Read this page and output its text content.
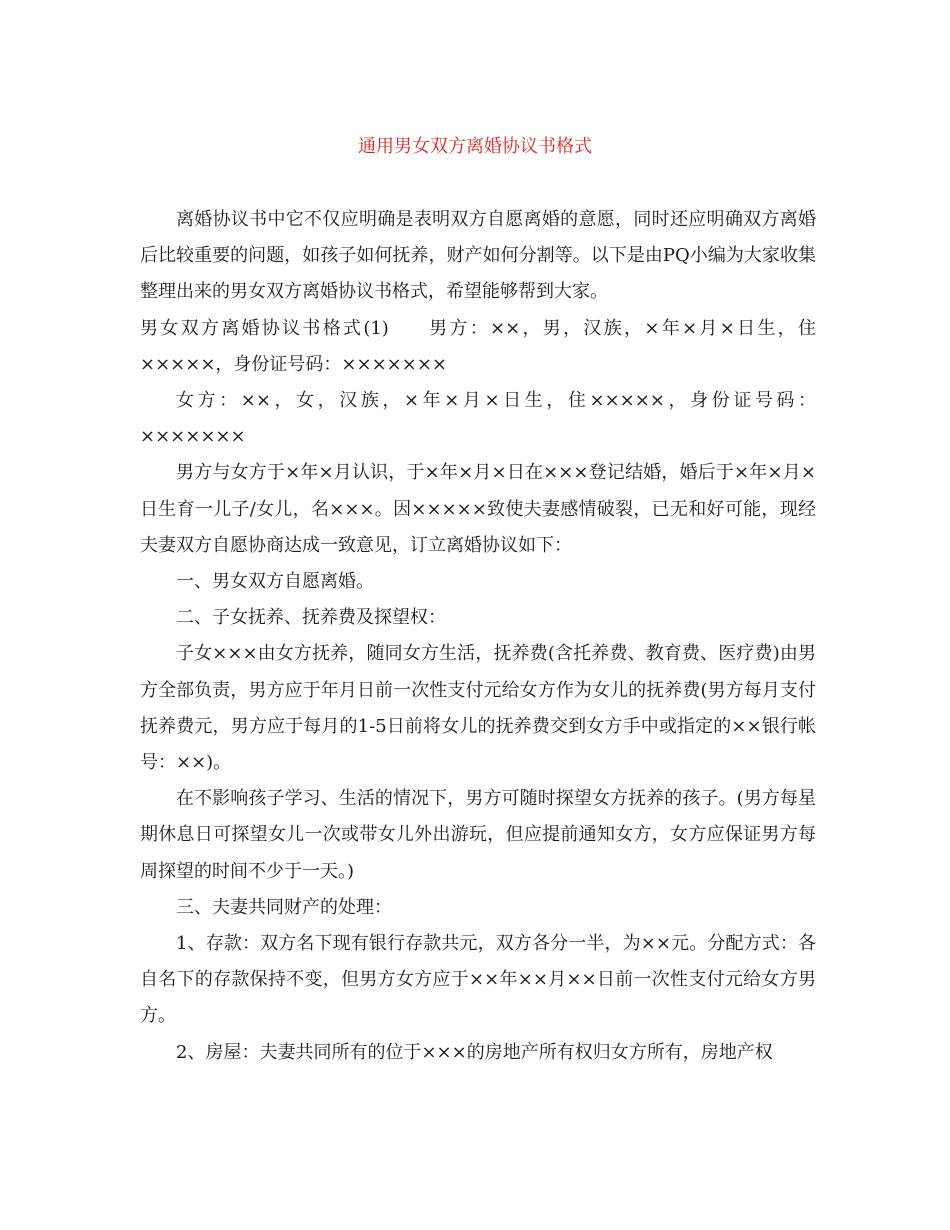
通用男女双方离婚协议书格式

离婚协议书中它不仅应明确是表明双方自愿离婚的意愿，同时还应明确双方离婚后比较重要的问题，如孩子如何抚养，财产如何分割等。以下是由PQ小编为大家收集整理出来的男女双方离婚协议书格式，希望能够帮到大家。

男女双方离婚协议书格式(1) 男方：××，男，汉族，×年×月×日生，住×××××，身份证号码：×××××××

女方：××，女，汉族，×年×月×日生，住×××××，身份证号码：×××××××

男方与女方于×年×月认识，于×年×月×日在×××登记结婚，婚后于×年×月×日生育一儿子/女儿，名×××。因×××××致使夫妻感情破裂，已无和好可能，现经夫妻双方自愿协商达成一致意见，订立离婚协议如下：

一、男女双方自愿离婚。

二、子女抚养、抚养费及探望权：

子女×××由女方抚养，随同女方生活，抚养费(含托养费、教育费、医疗费)由男方全部负责，男方应于年月日前一次性支付元给女方作为女儿的抚养费(男方每月支付抚养费元，男方应于每月的1-5日前将女儿的抚养费交到女方手中或指定的××银行帐号：××)。

在不影响孩子学习、生活的情况下，男方可随时探望女方抚养的孩子。(男方每星期休息日可探望女儿一次或带女儿外出游玩，但应提前通知女方，女方应保证男方每周探望的时间不少于一天。)

三、夫妻共同财产的处理：

1、存款：双方名下现有银行存款共元，双方各分一半，为××元。分配方式：各自名下的存款保持不变，但男方女方应于××年××月××日前一次性支付元给女方男方。

2、房屋：夫妻共同所有的位于×××的房地产所有权归女方所有，房地产权
